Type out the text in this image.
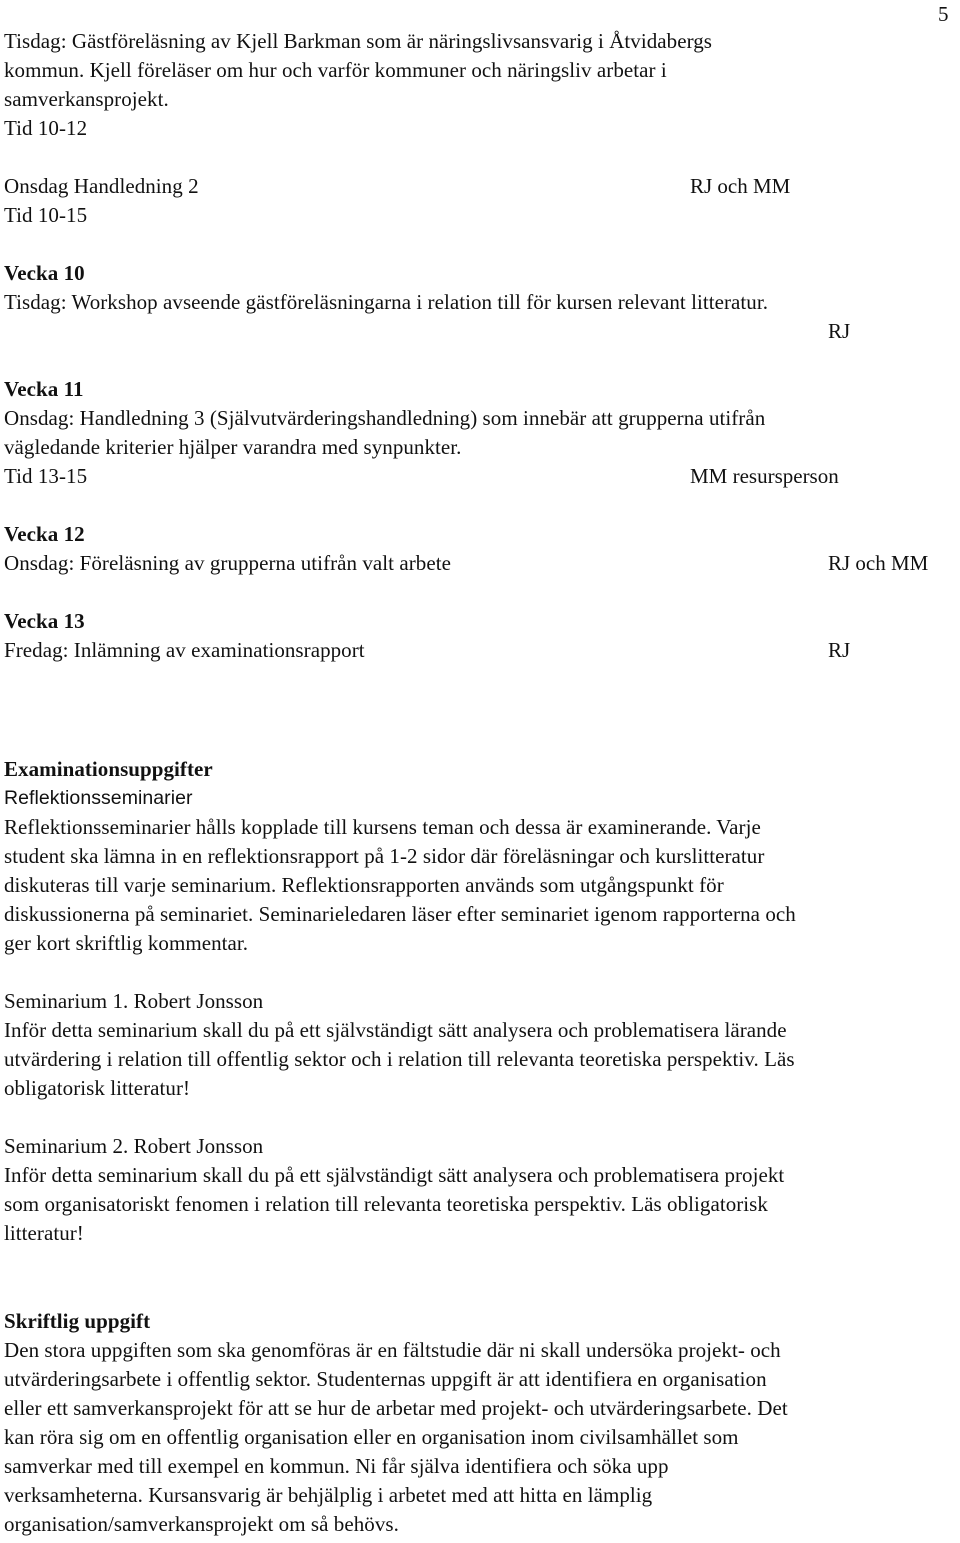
5
Tisdag: Gästföreläsning av Kjell Barkman som är näringslivsansvarig i Åtvidabergs
kommun. Kjell föreläser om hur och varför kommuner och näringsliv arbetar i
samverkansprojekt.
Tid 10-12
Onsdag Handledning 2	RJ och MM
Tid 10-15
Vecka 10
Tisdag: Workshop avseende gästföreläsningarna i relation till för kursen relevant litteratur.
RJ
Vecka 11
Onsdag: Handledning 3 (Självutvärderingshandledning) som innebär att grupperna utifrån
vägledande kriterier hjälper varandra med synpunkter.
Tid 13-15	MM resursperson
Vecka 12
Onsdag: Föreläsning av grupperna utifrån valt arbete	RJ och MM
Vecka 13
Fredag: Inlämning av examinationsrapport	RJ
Examinationsuppgifter
Reflektionsseminarier
Reflektionsseminarier hålls kopplade till kursens teman och dessa är examinerande. Varje
student ska lämna in en reflektionsrapport på 1-2 sidor där föreläsningar och kurslitteratur
diskuteras till varje seminarium. Reflektionsrapporten används som utgångspunkt för
diskussionerna på seminariet. Seminarieledaren läser efter seminariet igenom rapporterna och
ger kort skriftlig kommentar.
Seminarium 1. Robert Jonsson
Inför detta seminarium skall du på ett självständigt sätt analysera och problematisera lärande
utvärdering i relation till offentlig sektor och i relation till relevanta teoretiska perspektiv. Läs
obligatorisk litteratur!
Seminarium 2. Robert Jonsson
Inför detta seminarium skall du på ett självständigt sätt analysera och problematisera projekt
som organisatoriskt fenomen i relation till relevanta teoretiska perspektiv. Läs obligatorisk
litteratur!
Skriftlig uppgift
Den stora uppgiften som ska genomföras är en fältstudie där ni skall undersöka projekt- och
utvärderingsarbete i offentlig sektor. Studenternas uppgift är att identifiera en organisation
eller ett samverkansprojekt för att se hur de arbetar med projekt- och utvärderingsarbete. Det
kan röra sig om en offentlig organisation eller en organisation inom civilsamhället som
samverkar med till exempel en kommun. Ni får själva identifiera och söka upp
verksamheterna. Kursansvarig är behjälplig i arbetet med att hitta en lämplig
organisation/samverkansprojekt om så behövs.
